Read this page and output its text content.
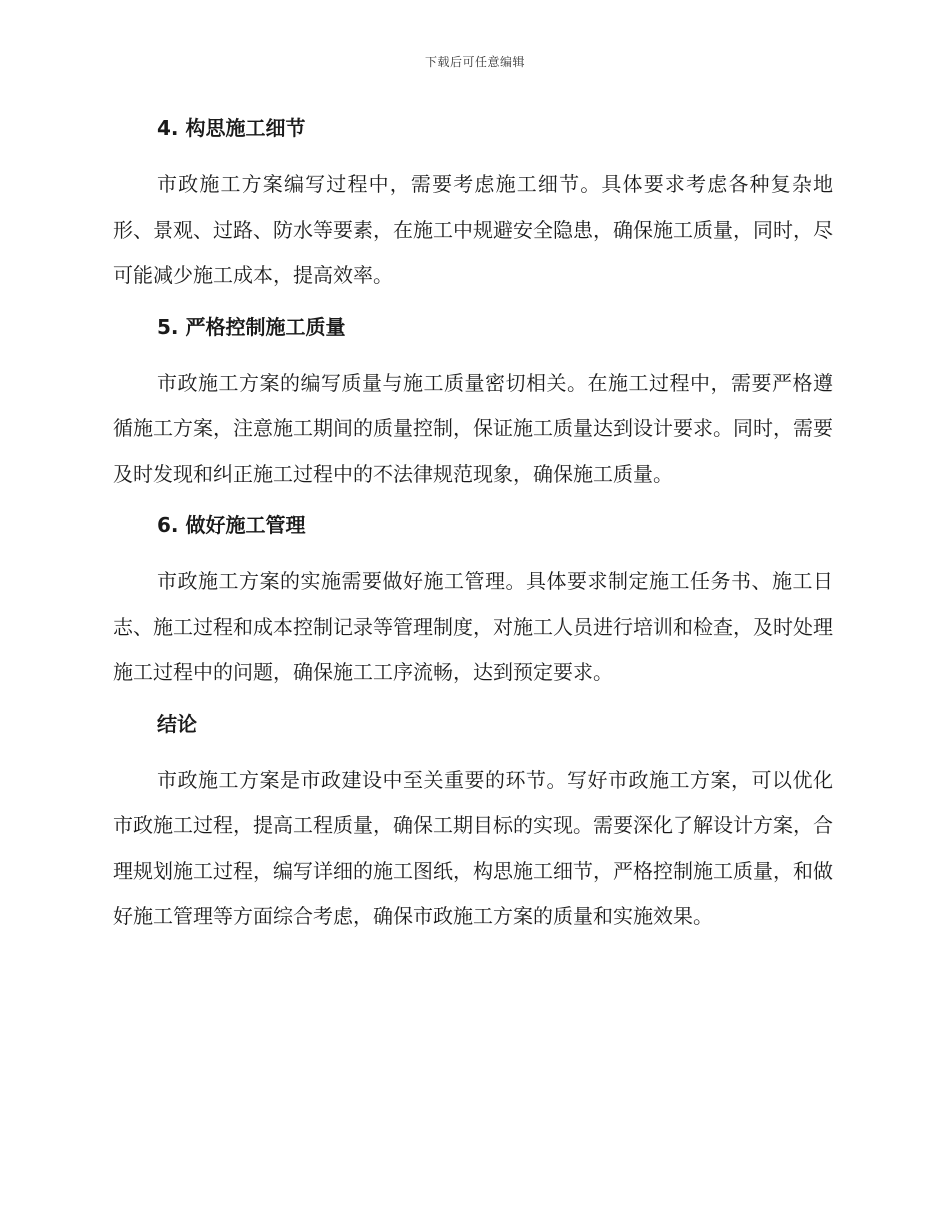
下载后可任意编辑
4. 构思施工细节

市政施工方案编写过程中，需要考虑施工细节。具体要求考虑各种复杂地形、景观、过路、防水等要素，在施工中规避安全隐患，确保施工质量，同时，尽可能减少施工成本，提高效率。

5. 严格控制施工质量

市政施工方案的编写质量与施工质量密切相关。在施工过程中，需要严格遵循施工方案，注意施工期间的质量控制，保证施工质量达到设计要求。同时，需要及时发现和纠正施工过程中的不法律规范现象，确保施工质量。

6. 做好施工管理

市政施工方案的实施需要做好施工管理。具体要求制定施工任务书、施工日志、施工过程和成本控制记录等管理制度，对施工人员进行培训和检查，及时处理施工过程中的问题，确保施工工序流畅，达到预定要求。

结论

市政施工方案是市政建设中至关重要的环节。写好市政施工方案，可以优化市政施工过程，提高工程质量，确保工期目标的实现。需要深化了解设计方案，合理规划施工过程，编写详细的施工图纸，构思施工细节，严格控制施工质量，和做好施工管理等方面综合考虑，确保市政施工方案的质量和实施效果。
